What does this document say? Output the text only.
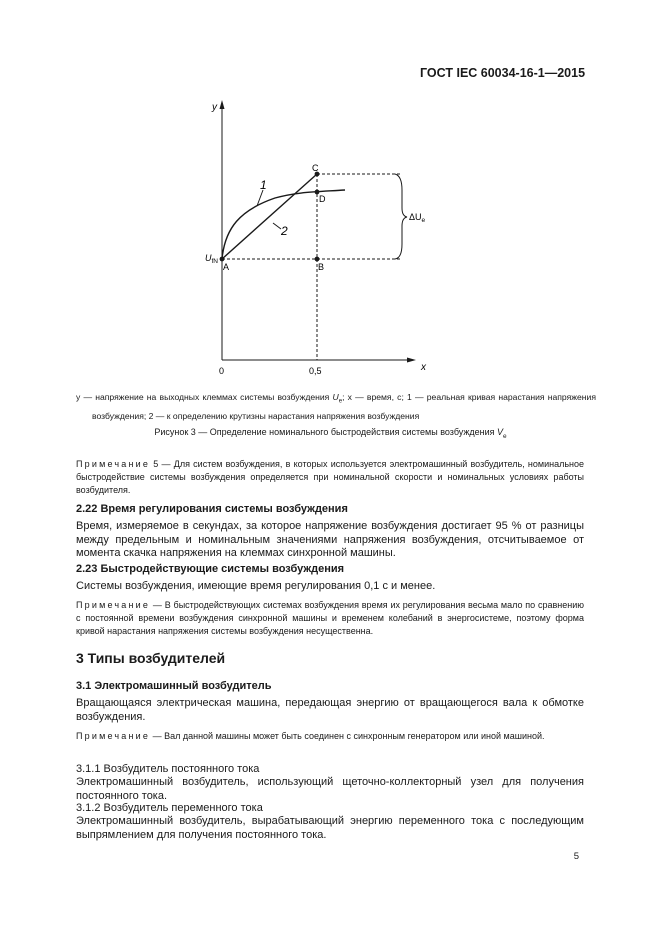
ГОСТ IEC 60034-16-1—2015
y
x
0	0,5
$U_{fN}$
$\Delta U_e$
A	B
C
D
1
2
y — напряжение на выходных клеммах системы возбуждения $U_e$; x — время, с; 1 — реальная кривая нарастания напряжения
возбуждения; 2 — к определению крутизны нарастания напряжения возбуждения
Рисунок 3 — Определение номинального быстродействия системы возбуждения $V_e$
Примечание 5 — Для систем возбуждения, в которых используется электромашинный возбудитель, номинальное быстродействие системы возбуждения определяется при номинальной скорости и номинальных условиях работы возбудителя.
2.22 Время регулирования системы возбуждения
Время, измеряемое в секундах, за которое напряжение возбуждения достигает 95 % от разницы между предельным и номинальным значениями напряжения возбуждения, отсчитываемое от момента скачка напряжения на клеммах синхронной машины.
2.23 Быстродействующие системы возбуждения
Системы возбуждения, имеющие время регулирования 0,1 с и менее.
Примечание — В быстродействующих системах возбуждения время их регулирования весьма мало по сравнению с постоянной времени возбуждения синхронной машины и временем колебаний в энергосистеме, поэтому форма кривой нарастания напряжения системы возбуждения несущественна.
3 Типы возбудителей
3.1 Электромашинный возбудитель
Вращающаяся электрическая машина, передающая энергию от вращающегося вала к обмотке возбуждения.
Примечание — Вал данной машины может быть соединен с синхронным генератором или иной машиной.
3.1.1 Возбудитель постоянного тока
Электромашинный возбудитель, использующий щеточно-коллекторный узел для получения постоянного тока.
3.1.2 Возбудитель переменного тока
Электромашинный возбудитель, вырабатывающий энергию переменного тока с последующим выпрямлением для получения постоянного тока.
5
